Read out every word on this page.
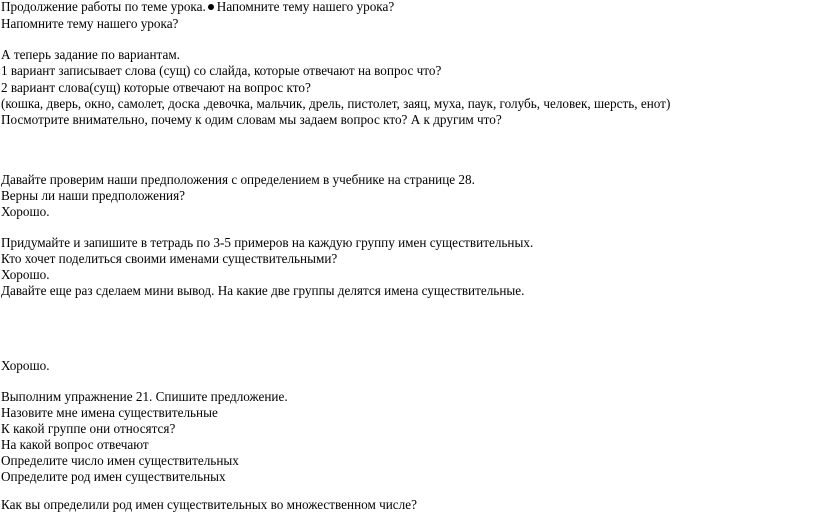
Продолжение работы по теме урока. Напомните тему нашего урока?
Напомните тему нашего урока?
А теперь задание по вариантам.
1 вариант записывает слова (сущ) со слайда, которые отвечают на вопрос что?
2 вариант слова(сущ) которые отвечают на вопрос кто?
(кошка, дверь, окно, самолет, доска ,девочка, мальчик, дрель, пистолет, заяц, муха, паук, голубь, человек, шерсть, енот)
Посмотрите внимательно, почему к одим словам мы задаем вопрос кто? А к другим что?
Давайте проверим наши предположения с определением в учебнике на странице 28.
Верны ли наши предположения?
Хорошо.
Придумайте и запишите в тетрадь по 3-5 примеров на каждую группу имен существительных.
Кто хочет поделиться своими именами существительными?
Хорошо.
Давайте еще раз сделаем мини вывод. На какие две группы делятся имена существительные.
Хорошо.
Выполним упражнение 21. Спишите предложение.
Назовите мне имена существительные
К какой группе они относятся?
На какой вопрос отвечают
Определите число имен существительных
Определите род имен существительных
Как вы определили род имен существительных во множественном числе?
